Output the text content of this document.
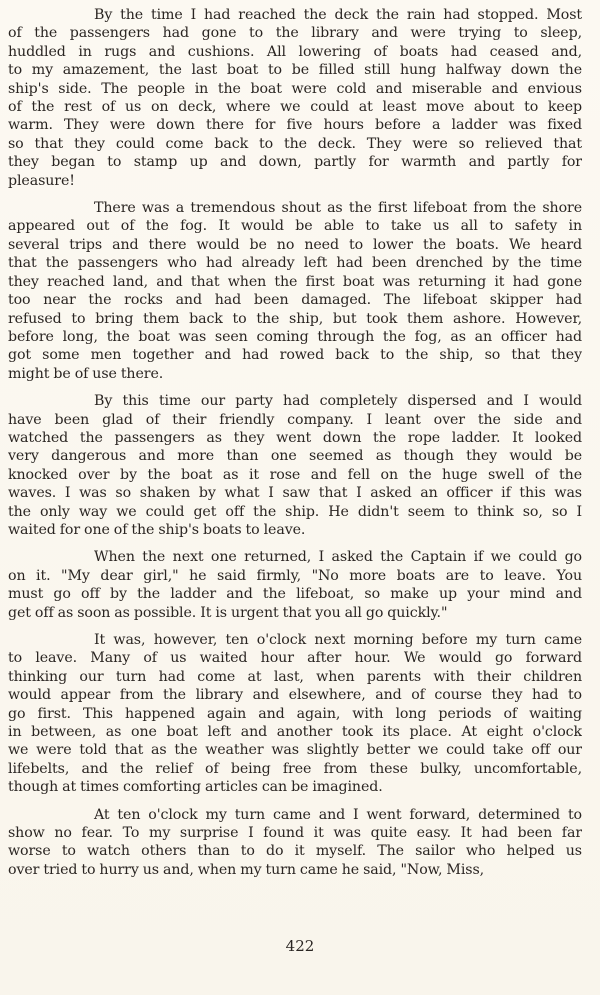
By the time I had reached the deck the rain had stopped. Most
of the passengers had gone to the library and were trying to sleep,
huddled in rugs and cushions. All lowering of boats had ceased and,
to my amazement, the last boat to be filled still hung halfway down the
ship's side. The people in the boat were cold and miserable and envious
of the rest of us on deck, where we could at least move about to keep
warm. They were down there for five hours before a ladder was fixed
so that they could come back to the deck. They were so relieved that
they began to stamp up and down, partly for warmth and partly for
pleasure!

There was a tremendous shout as the first lifeboat from the shore
appeared out of the fog. It would be able to take us all to safety in
several trips and there would be no need to lower the boats. We heard
that the passengers who had already left had been drenched by the time
they reached land, and that when the first boat was returning it had gone
too near the rocks and had been damaged. The lifeboat skipper had
refused to bring them back to the ship, but took them ashore. However,
before long, the boat was seen coming through the fog, as an officer had
got some men together and had rowed back to the ship, so that they
might be of use there.

By this time our party had completely dispersed and I would
have been glad of their friendly company. I leant over the side and
watched the passengers as they went down the rope ladder. It looked
very dangerous and more than one seemed as though they would be
knocked over by the boat as it rose and fell on the huge swell of the
waves. I was so shaken by what I saw that I asked an officer if this was
the only way we could get off the ship. He didn't seem to think so, so I
waited for one of the ship's boats to leave.

When the next one returned, I asked the Captain if we could go
on it. "My dear girl," he said firmly, "No more boats are to leave. You
must go off by the ladder and the lifeboat, so make up your mind and
get off as soon as possible. It is urgent that you all go quickly."

It was, however, ten o'clock next morning before my turn came
to leave. Many of us waited hour after hour. We would go forward
thinking our turn had come at last, when parents with their children
would appear from the library and elsewhere, and of course they had to
go first. This happened again and again, with long periods of waiting
in between, as one boat left and another took its place. At eight o'clock
we were told that as the weather was slightly better we could take off our
lifebelts, and the relief of being free from these bulky, uncomfortable,
though at times comforting articles can be imagined.

At ten o'clock my turn came and I went forward, determined to
show no fear. To my surprise I found it was quite easy. It had been far
worse to watch others than to do it myself. The sailor who helped us
over tried to hurry us and, when my turn came he said, "Now, Miss,

422
